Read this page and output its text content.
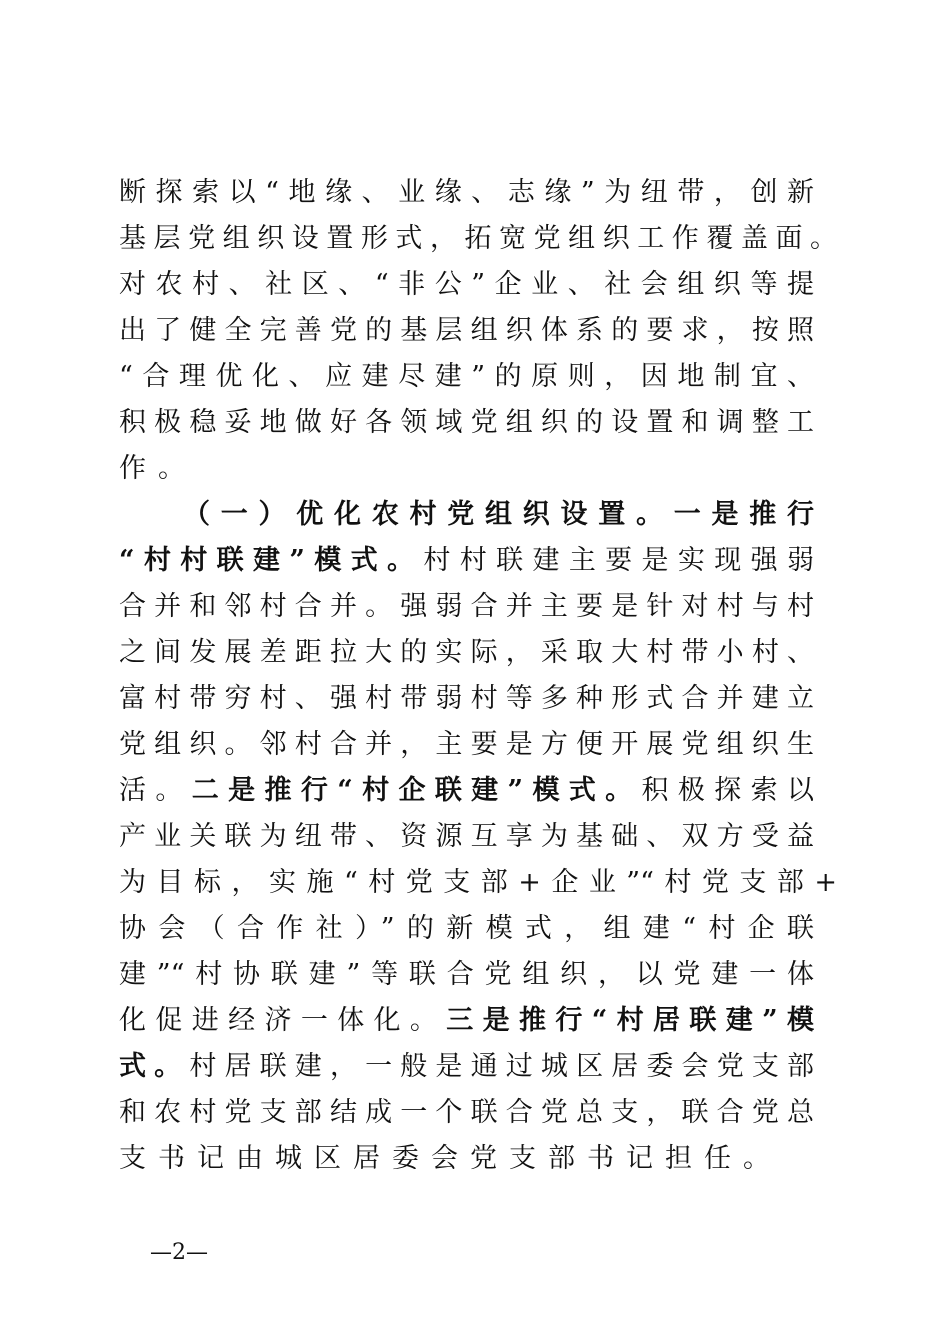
断探索以“地缘、业缘、志缘”为纽带，创新
基层党组织设置形式，拓宽党组织工作覆盖面。
对农村、社区、“非公”企业、社会组织等提
出了健全完善党的基层组织体系的要求，按照
“合理优化、应建尽建”的原则，因地制宜、
积极稳妥地做好各领域党组织的设置和调整工
作。
（一）优化农村党组织设置。一是推行
“村村联建”模式。村村联建主要是实现强弱
合并和邻村合并。强弱合并主要是针对村与村
之间发展差距拉大的实际，采取大村带小村、
富村带穷村、强村带弱村等多种形式合并建立
党组织。邻村合并，主要是方便开展党组织生
活。二是推行“村企联建”模式。积极探索以
产业关联为纽带、资源互享为基础、双方受益
为目标，实施“村党支部+企业”“村党支部+
协会（合作社）”的新模式，组建“村企联
建”“村协联建”等联合党组织，以党建一体
化促进经济一体化。三是推行“村居联建”模
式。村居联建，一般是通过城区居委会党支部
和农村党支部结成一个联合党总支，联合党总
支书记由城区居委会党支部书记担任。
—2—
